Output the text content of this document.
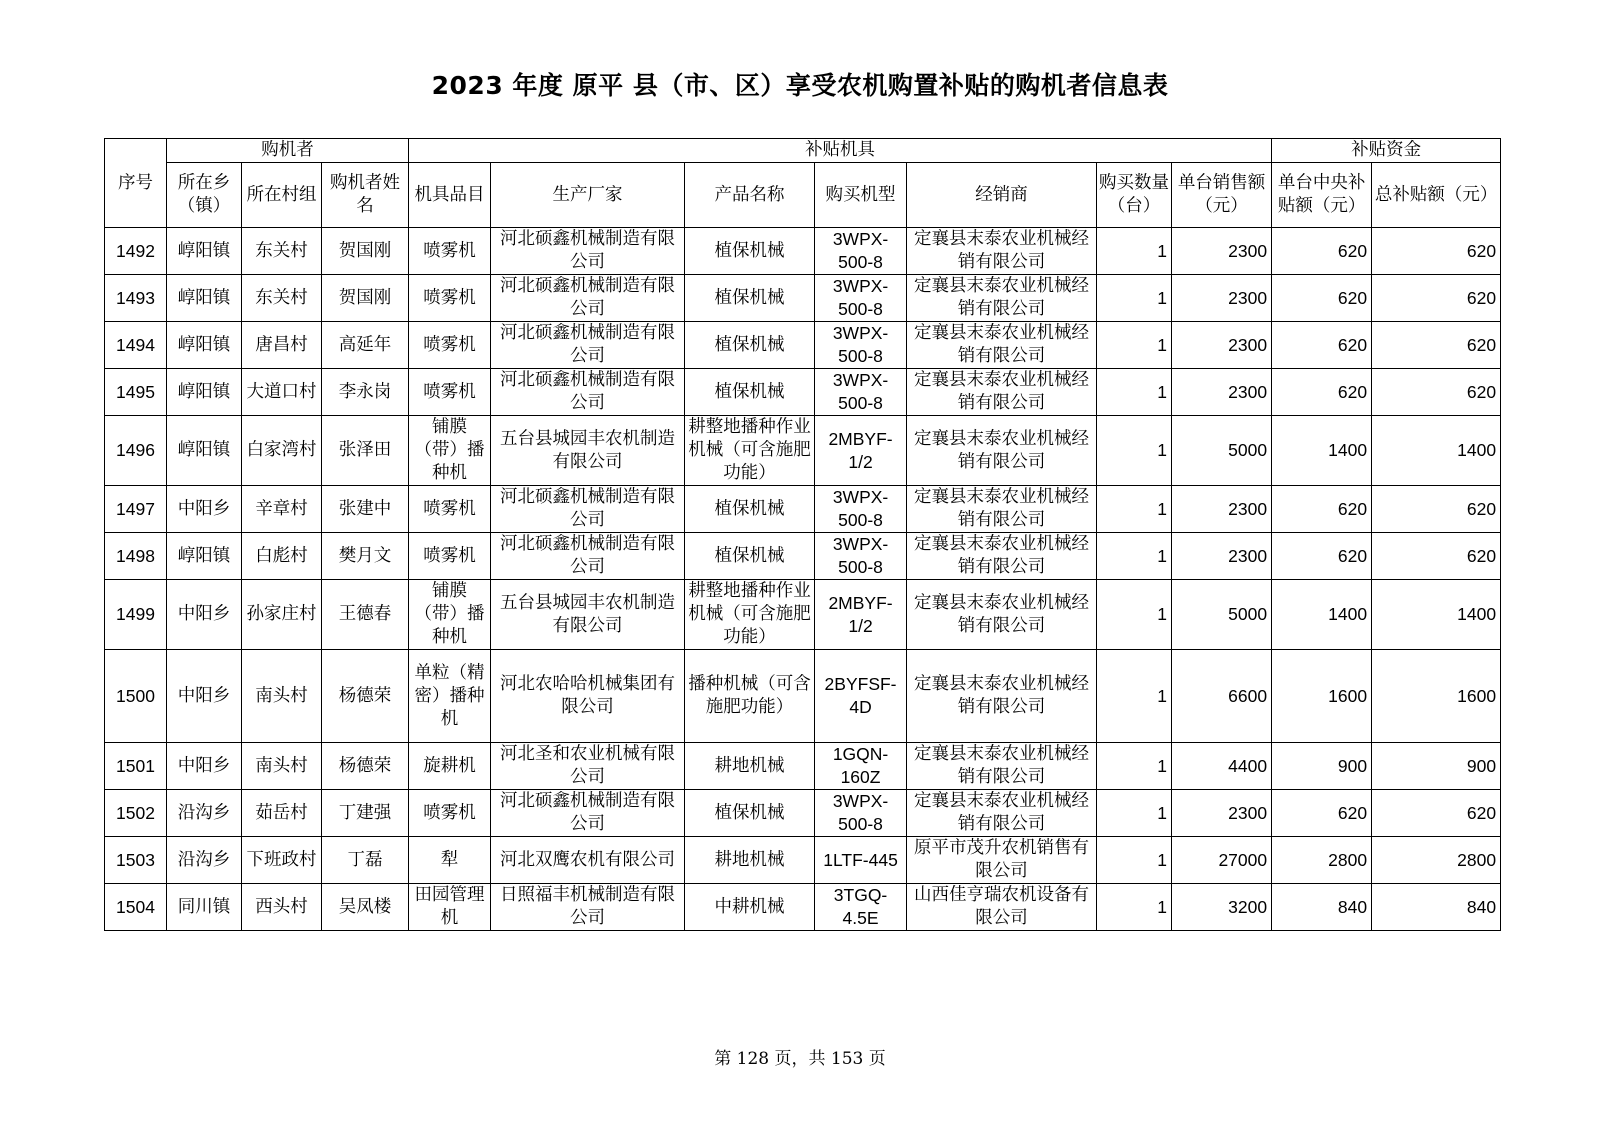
2023 年度 原平 县（市、区）享受农机购置补贴的购机者信息表
序号	购机者			补贴机具							补贴资金	
	所在乡（镇）	所在村组	购机者姓名	机具品目	生产厂家	产品名称	购买机型	经销商	购买数量（台）	单台销售额（元）	单台中央补贴额（元）	总补贴额（元）
1492	崞阳镇	东关村	贺国刚	喷雾机	河北硕鑫机械制造有限公司	植保机械	3WPX-500-8	定襄县末泰农业机械经销有限公司	1	2300	620	620
1493	崞阳镇	东关村	贺国刚	喷雾机	河北硕鑫机械制造有限公司	植保机械	3WPX-500-8	定襄县末泰农业机械经销有限公司	1	2300	620	620
1494	崞阳镇	唐昌村	高延年	喷雾机	河北硕鑫机械制造有限公司	植保机械	3WPX-500-8	定襄县末泰农业机械经销有限公司	1	2300	620	620
1495	崞阳镇	大道口村	李永岗	喷雾机	河北硕鑫机械制造有限公司	植保机械	3WPX-500-8	定襄县末泰农业机械经销有限公司	1	2300	620	620
1496	崞阳镇	白家湾村	张泽田	铺膜（带）播种机	五台县城园丰农机制造有限公司	耕整地播种作业机械（可含施肥功能）	2MBYF-1/2	定襄县末泰农业机械经销有限公司	1	5000	1400	1400
1497	中阳乡	辛章村	张建中	喷雾机	河北硕鑫机械制造有限公司	植保机械	3WPX-500-8	定襄县末泰农业机械经销有限公司	1	2300	620	620
1498	崞阳镇	白彪村	樊月文	喷雾机	河北硕鑫机械制造有限公司	植保机械	3WPX-500-8	定襄县末泰农业机械经销有限公司	1	2300	620	620
1499	中阳乡	孙家庄村	王德春	铺膜（带）播种机	五台县城园丰农机制造有限公司	耕整地播种作业机械（可含施肥功能）	2MBYF-1/2	定襄县末泰农业机械经销有限公司	1	5000	1400	1400
1500	中阳乡	南头村	杨德荣	单粒（精密）播种机	河北农哈哈机械集团有限公司	播种机械（可含施肥功能）	2BYFSF-4D	定襄县末泰农业机械经销有限公司	1	6600	1600	1600
1501	中阳乡	南头村	杨德荣	旋耕机	河北圣和农业机械有限公司	耕地机械	1GQN-160Z	定襄县末泰农业机械经销有限公司	1	4400	900	900
1502	沿沟乡	茹岳村	丁建强	喷雾机	河北硕鑫机械制造有限公司	植保机械	3WPX-500-8	定襄县末泰农业机械经销有限公司	1	2300	620	620
1503	沿沟乡	下班政村	丁磊	犁	河北双鹰农机有限公司	耕地机械	1LTF-445	原平市茂升农机销售有限公司	1	27000	2800	2800
1504	同川镇	西头村	吴凤楼	田园管理机	日照福丰机械制造有限公司	中耕机械	3TGQ-4.5E	山西佳亨瑞农机设备有限公司	1	3200	840	840
第 128 页，共 153 页
